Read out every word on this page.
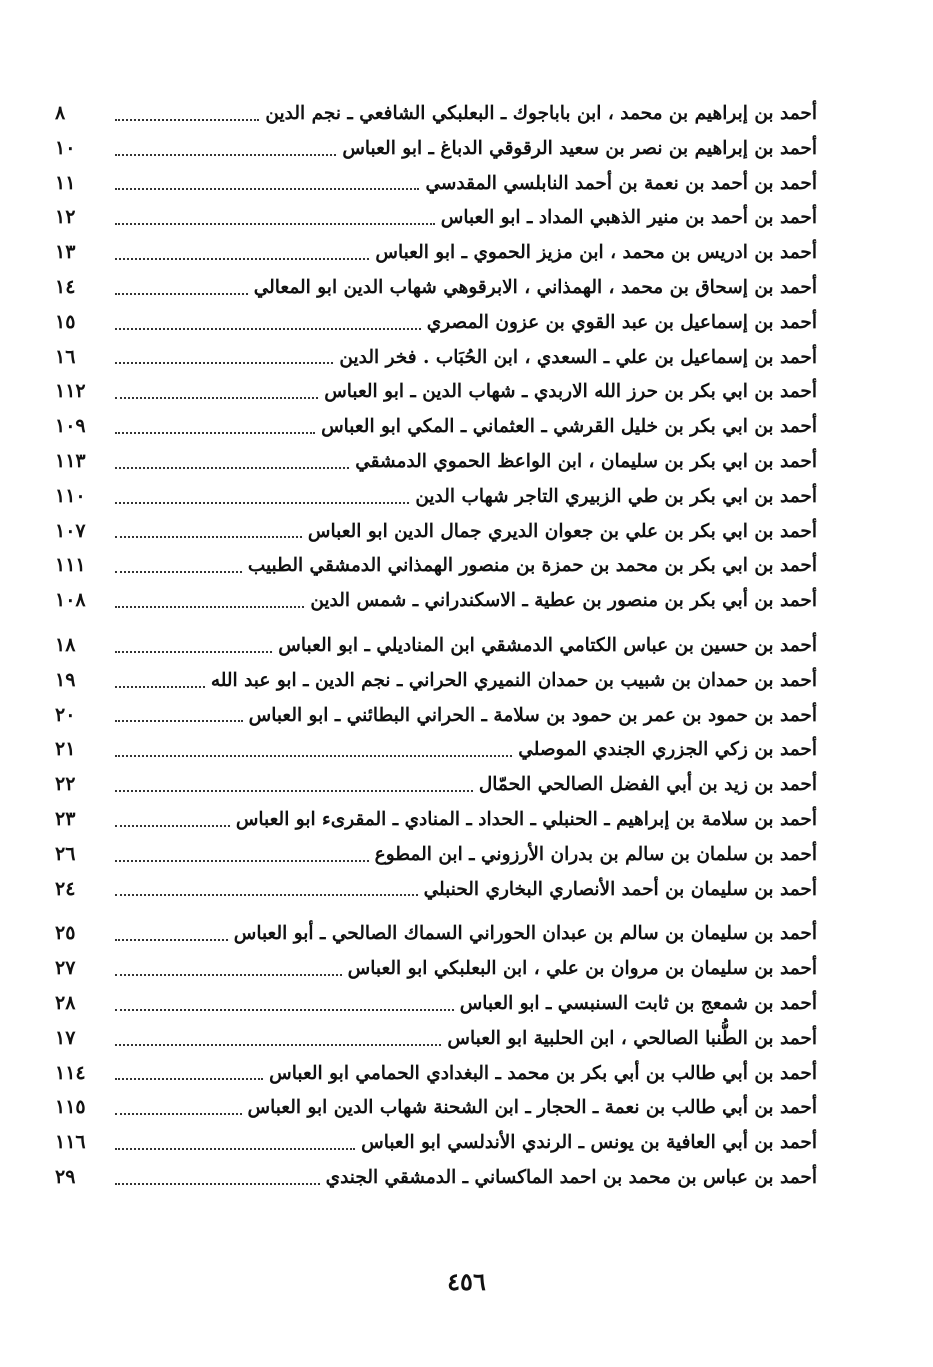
أحمد بن إبراهيم بن محمد ، ابن باباجوك ـ البعلبكي الشافعي ـ نجم الدين
٨
أحمد بن إبراهيم بن نصر بن سعيد الرقوقي الدباغ ـ ابو العباس
١٠
أحمد بن أحمد بن نعمة بن أحمد النابلسي المقدسي
١١
أحمد بن أحمد بن منير الذهبي المداد ـ ابو العباس
١٢
أحمد بن ادريس بن محمد ، ابن مزيز الحموي ـ ابو العباس
١٣
أحمد بن إسحاق بن محمد ، الهمذاني ، الابرقوهي شهاب الدين ابو المعالي
١٤
أحمد بن إسماعيل بن عبد القوي بن عزون المصري
١٥
أحمد بن إسماعيل بن علي ـ السعدي ، ابن الحُبَاب . فخر الدين
١٦
أحمد بن ابي بكر بن حرز الله الاربدي ـ شهاب الدين ـ ابو العباس
١١٢
أحمد بن ابي بكر بن خليل القرشي ـ العثماني ـ المكي ابو العباس
١٠٩
أحمد بن ابي بكر بن سليمان ، ابن الواعظ الحموي الدمشقي
١١٣
أحمد بن ابي بكر بن طي الزبيري التاجر شهاب الدين
١١٠
أحمد بن ابي بكر بن علي بن جعوان الديري جمال الدين ابو العباس
١٠٧
أحمد بن ابي بكر بن محمد بن حمزة بن منصور الهمذاني الدمشقي الطبيب
١١١
أحمد بن أبي بكر بن منصور بن عطية ـ الاسكندراني ـ شمس الدين
١٠٨
أحمد بن حسين بن عباس الكتامي الدمشقي ابن المناديلي ـ ابو العباس
١٨
أحمد بن حمدان بن شبيب بن حمدان النميري الحراني ـ نجم الدين ـ ابو عبد الله
١٩
أحمد بن حمود بن عمر بن حمود بن سلامة ـ الحراني البطائني ـ ابو العباس
٢٠
أحمد بن زكي الجزري الجندي الموصلي
٢١
أحمد بن زيد بن أبي الفضل الصالحي الحمّال
٢٢
أحمد بن سلامة بن إبراهيم ـ الحنبلي ـ الحداد ـ المنادي ـ المقرىء ابو العباس
٢٣
أحمد بن سلمان بن سالم بن بدران الأرزوني ـ ابن المطوع
٢٦
أحمد بن سليمان بن أحمد الأنصاري البخاري الحنبلي
٢٤
أحمد بن سليمان بن سالم بن عبدان الحوراني السماك الصالحي ـ أبو العباس
٢٥
أحمد بن سليمان بن مروان بن علي ، ابن البعلبكي ابو العباس
٢٧
أحمد بن شمعج بن ثابت السنبسي ـ ابو العباس
٢٨
أحمد بن الطُّنبا الصالحي ، ابن الحلبية ابو العباس
١٧
أحمد بن أبي طالب بن أبي بكر بن محمد ـ البغدادي الحمامي ابو العباس
١١٤
أحمد بن أبي طالب بن نعمة ـ الحجار ـ ابن الشحنة شهاب الدين ابو العباس
١١٥
أحمد بن أبي العافية بن يونس ـ الرندي الأندلسي ابو العباس
١١٦
أحمد بن عباس بن محمد بن احمد الماكساني ـ الدمشقي الجندي
٢٩
٤٥٦
